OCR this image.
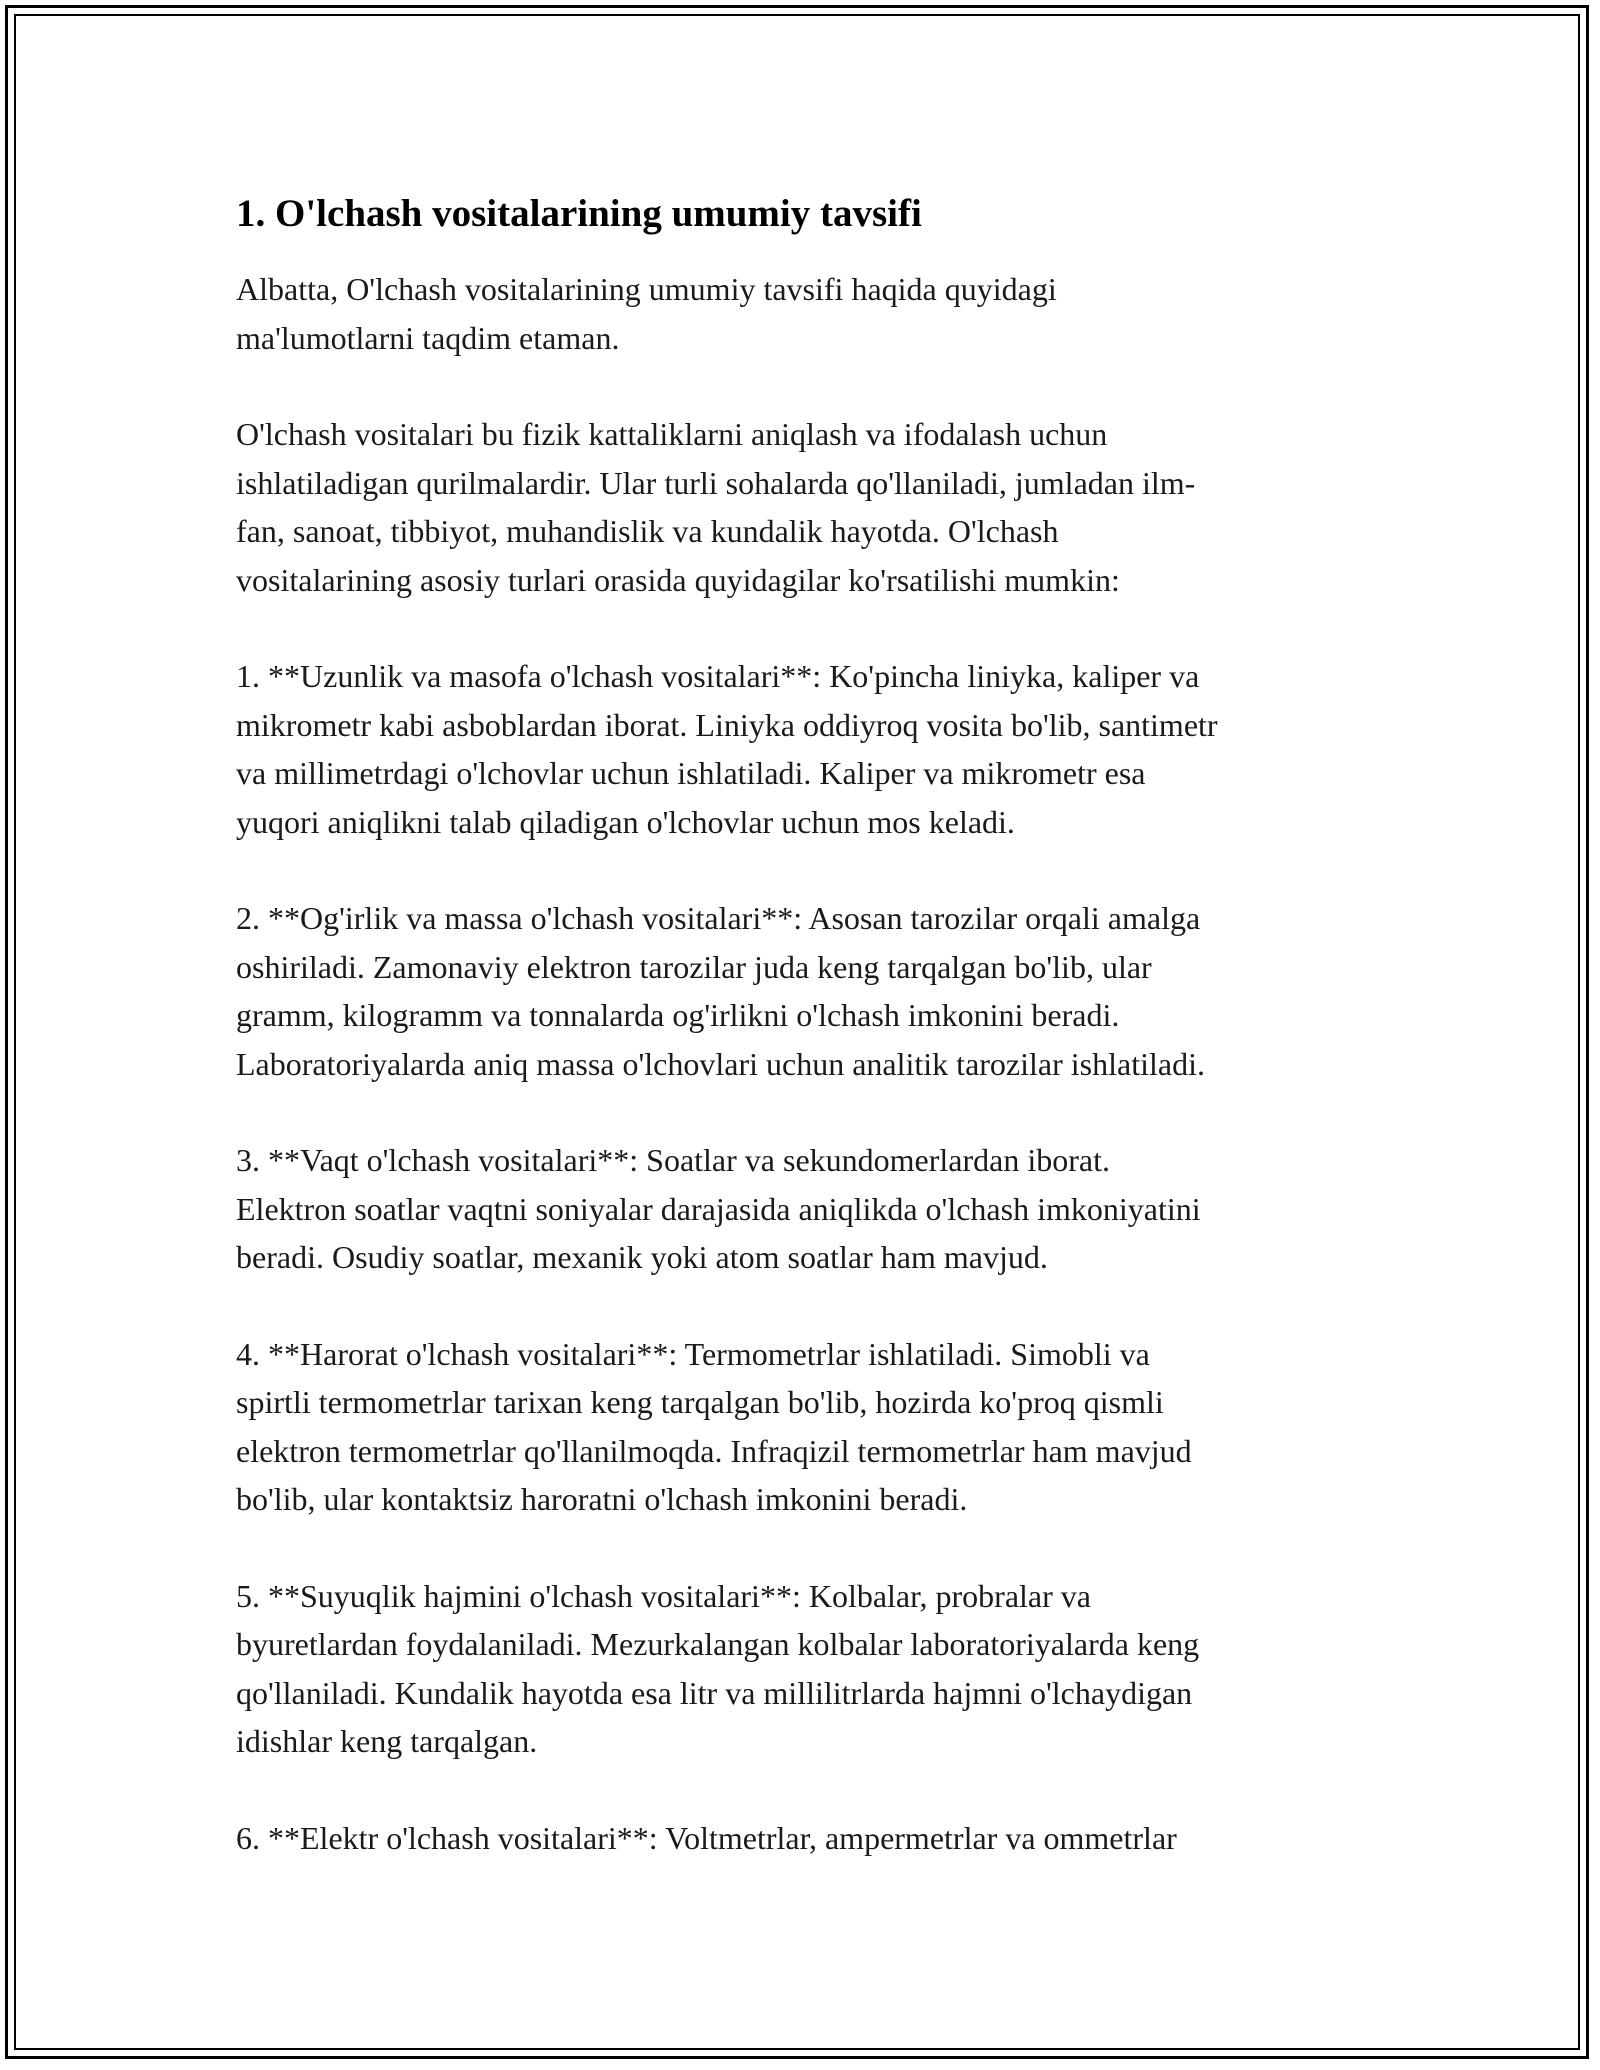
1. O'lchash vositalarining umumiy tavsifi

Albatta, O'lchash vositalarining umumiy tavsifi haqida quyidagi
ma'lumotlarni taqdim etaman.

O'lchash vositalari bu fizik kattaliklarni aniqlash va ifodalash uchun
ishlatiladigan qurilmalardir. Ular turli sohalarda qo'llaniladi, jumladan ilm-
fan, sanoat, tibbiyot, muhandislik va kundalik hayotda. O'lchash
vositalarining asosiy turlari orasida quyidagilar ko'rsatilishi mumkin:

1. **Uzunlik va masofa o'lchash vositalari**: Ko'pincha liniyka, kaliper va
mikrometr kabi asboblardan iborat. Liniyka oddiyroq vosita bo'lib, santimetr
va millimetrdagi o'lchovlar uchun ishlatiladi. Kaliper va mikrometr esa
yuqori aniqlikni talab qiladigan o'lchovlar uchun mos keladi.

2. **Og'irlik va massa o'lchash vositalari**: Asosan tarozilar orqali amalga
oshiriladi. Zamonaviy elektron tarozilar juda keng tarqalgan bo'lib, ular
gramm, kilogramm va tonnalarda og'irlikni o'lchash imkonini beradi.
Laboratoriyalarda aniq massa o'lchovlari uchun analitik tarozilar ishlatiladi.

3. **Vaqt o'lchash vositalari**: Soatlar va sekundomerlardan iborat.
Elektron soatlar vaqtni soniyalar darajasida aniqlikda o'lchash imkoniyatini
beradi. Osudiy soatlar, mexanik yoki atom soatlar ham mavjud.

4. **Harorat o'lchash vositalari**: Termometrlar ishlatiladi. Simobli va
spirtli termometrlar tarixan keng tarqalgan bo'lib, hozirda ko'proq qismli
elektron termometrlar qo'llanilmoqda. Infraqizil termometrlar ham mavjud
bo'lib, ular kontaktsiz haroratni o'lchash imkonini beradi.

5. **Suyuqlik hajmini o'lchash vositalari**: Kolbalar, probralar va
byuretlardan foydalaniladi. Mezurkalangan kolbalar laboratoriyalarda keng
qo'llaniladi. Kundalik hayotda esa litr va millilitrlarda hajmni o'lchaydigan
idishlar keng tarqalgan.

6. **Elektr o'lchash vositalari**: Voltmetrlar, ampermetrlar va ommetrlar
